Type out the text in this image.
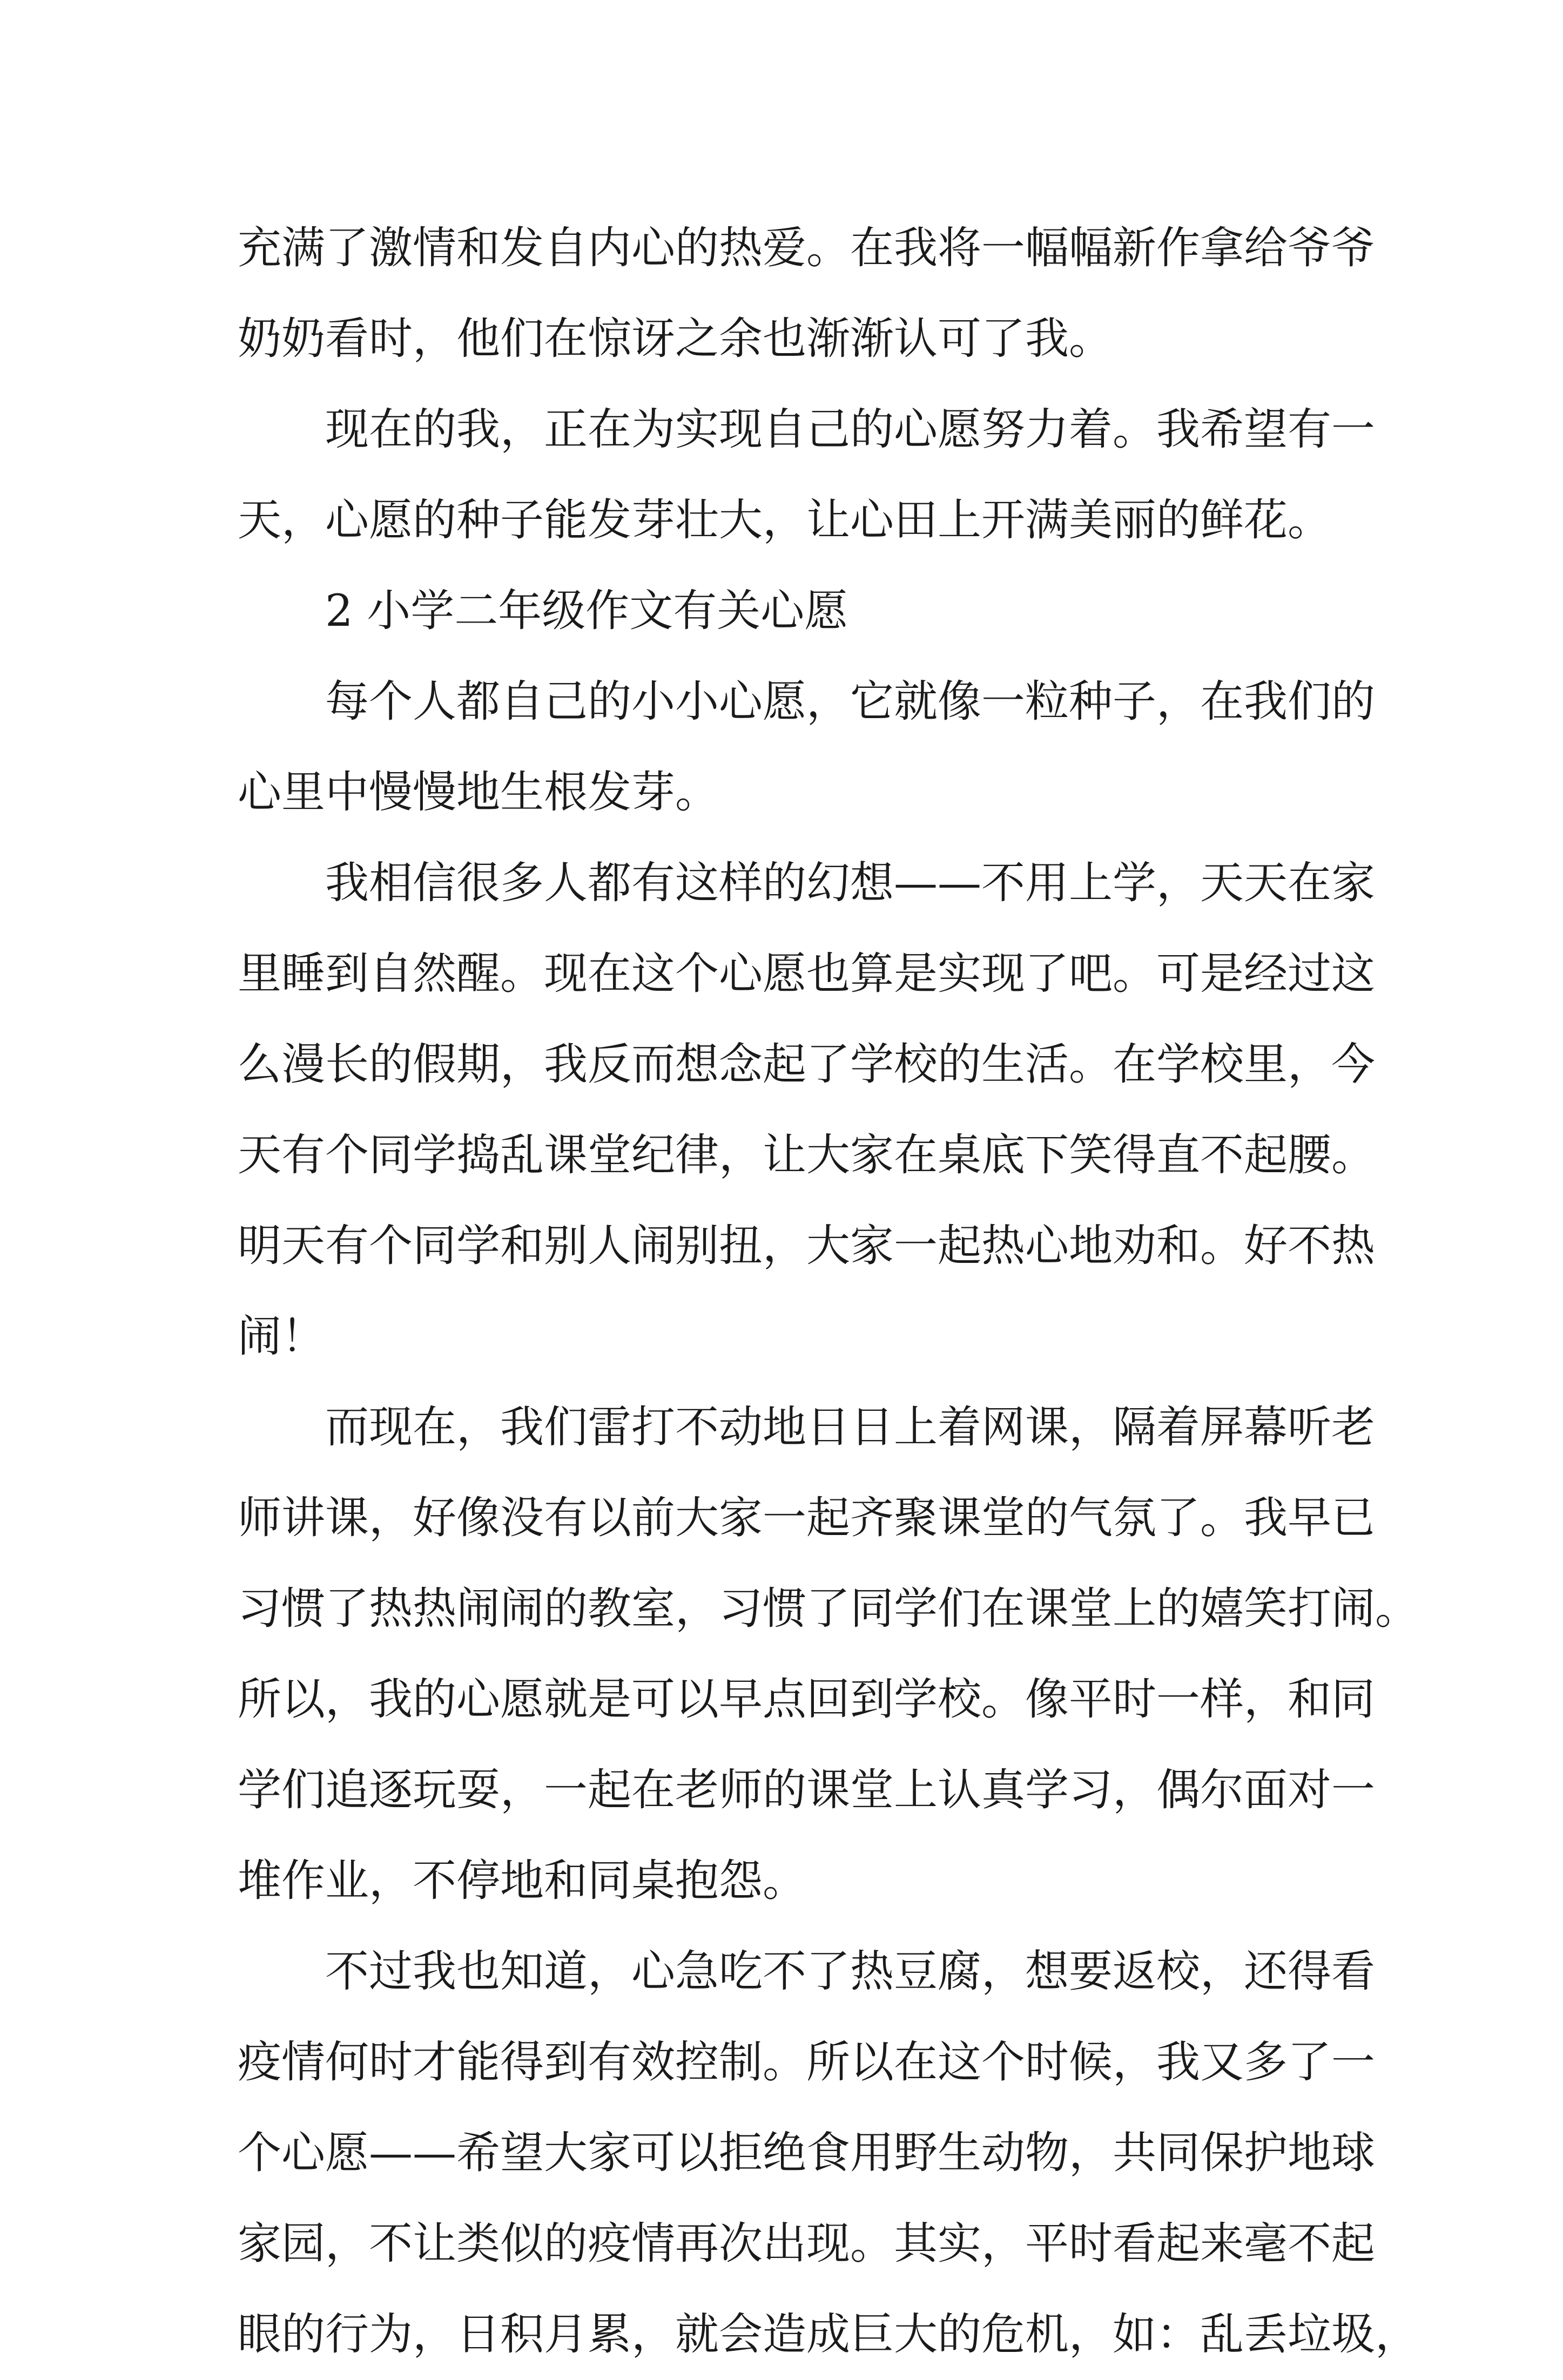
充满了激情和发自内心的热爱。在我将一幅幅新作拿给爷爷
奶奶看时，他们在惊讶之余也渐渐认可了我。
现在的我，正在为实现自己的心愿努力着。我希望有一
天，心愿的种子能发芽壮大，让心田上开满美丽的鲜花。
2 小学二年级作文有关心愿
每个人都自己的小小心愿，它就像一粒种子，在我们的
心里中慢慢地生根发芽。
我相信很多人都有这样的幻想——不用上学，天天在家
里睡到自然醒。现在这个心愿也算是实现了吧。可是经过这
么漫长的假期，我反而想念起了学校的生活。在学校里，今
天有个同学捣乱课堂纪律，让大家在桌底下笑得直不起腰。
明天有个同学和别人闹别扭，大家一起热心地劝和。好不热
闹！
而现在，我们雷打不动地日日上着网课，隔着屏幕听老
师讲课，好像没有以前大家一起齐聚课堂的气氛了。我早已
习惯了热热闹闹的教室，习惯了同学们在课堂上的嬉笑打闹。
所以，我的心愿就是可以早点回到学校。像平时一样，和同
学们追逐玩耍，一起在老师的课堂上认真学习，偶尔面对一
堆作业，不停地和同桌抱怨。
不过我也知道，心急吃不了热豆腐，想要返校，还得看
疫情何时才能得到有效控制。所以在这个时候，我又多了一
个心愿——希望大家可以拒绝食用野生动物，共同保护地球
家园，不让类似的疫情再次出现。其实，平时看起来毫不起
眼的行为，日积月累，就会造成巨大的危机，如：乱丢垃圾，
